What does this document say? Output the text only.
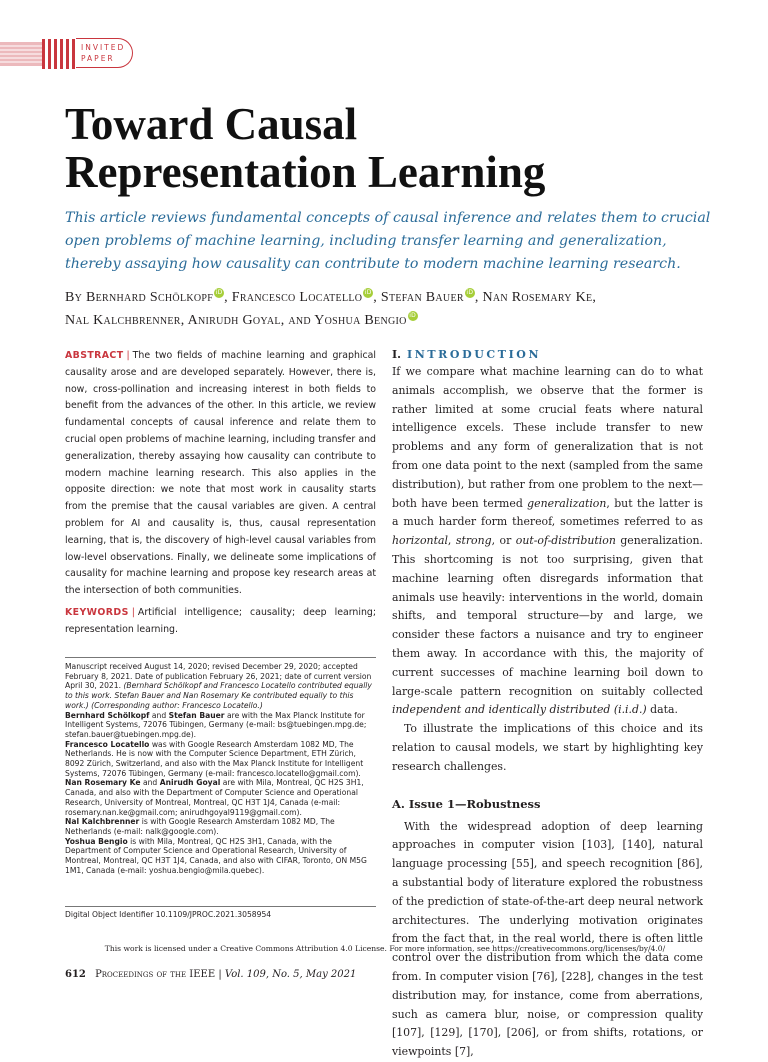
INVITED
PAPER
Toward Causal
Representation Learning

This article reviews fundamental concepts of causal inference and relates them to crucial open problems of machine learning, including transfer learning and generalization, thereby assaying how causality can contribute to modern machine learning research.

By Bernhard Schölkopf iD , Francesco Locatello iD , Stefan Bauer iD , Nan Rosemary Ke,
Nal Kalchbrenner, Anirudh Goyal, and Yoshua Bengio iD

ABSTRACT | The two fields of machine learning and graphical causality arose and are developed separately. However, there is, now, cross-pollination and increasing interest in both fields to benefit from the advances of the other. In this article, we review fundamental concepts of causal inference and relate them to crucial open problems of machine learning, including transfer and generalization, thereby assaying how causality can contribute to modern machine learning research. This also applies in the opposite direction: we note that most work in causality starts from the premise that the causal variables are given. A central problem for AI and causality is, thus, causal representation learning, that is, the discovery of high-level causal variables from low-level observations. Finally, we delineate some implications of causality for machine learning and propose key research areas at the intersection of both communities.

KEYWORDS | Artificial intelligence; causality; deep learning; representation learning.

Manuscript received August 14, 2020; revised December 29, 2020; accepted February 8, 2021. Date of publication February 26, 2021; date of current version April 30, 2021. (Bernhard Schölkopf and Francesco Locatello contributed equally to this work. Stefan Bauer and Nan Rosemary Ke contributed equally to this work.) (Corresponding author: Francesco Locatello.)

Bernhard Schölkopf and Stefan Bauer are with the Max Planck Institute for Intelligent Systems, 72076 Tübingen, Germany (e-mail: bs@tuebingen.mpg.de; stefan.bauer@tuebingen.mpg.de).

Francesco Locatello was with Google Research Amsterdam 1082 MD, The Netherlands. He is now with the Computer Science Department, ETH Zürich, 8092 Zürich, Switzerland, and also with the Max Planck Institute for Intelligent Systems, 72076 Tübingen, Germany (e-mail: francesco.locatello@gmail.com).

Nan Rosemary Ke and Anirudh Goyal are with Mila, Montreal, QC H2S 3H1, Canada, and also with the Department of Computer Science and Operational Research, University of Montreal, Montreal, QC H3T 1J4, Canada (e-mail: rosemary.nan.ke@gmail.com; anirudhgoyal9119@gmail.com).

Nal Kalchbrenner is with Google Research Amsterdam 1082 MD, The Netherlands (e-mail: nalk@google.com).

Yoshua Bengio is with Mila, Montreal, QC H2S 3H1, Canada, with the Department of Computer Science and Operational Research, University of Montreal, Montreal, QC H3T 1J4, Canada, and also with CIFAR, Toronto, ON M5G 1M1, Canada (e-mail: yoshua.bengio@mila.quebec).

Digital Object Identifier 10.1109/JPROC.2021.3058954
I. INTRODUCTION

If we compare what machine learning can do to what animals accomplish, we observe that the former is rather limited at some crucial feats where natural intelligence excels. These include transfer to new problems and any form of generalization that is not from one data point to the next (sampled from the same distribution), but rather from one problem to the next—both have been termed generalization, but the latter is a much harder form thereof, sometimes referred to as horizontal, strong, or out-of-distribution generalization. This shortcoming is not too surprising, given that machine learning often disregards information that animals use heavily: interventions in the world, domain shifts, and temporal structure—by and large, we consider these factors a nuisance and try to engineer them away. In accordance with this, the majority of current successes of machine learning boil down to large-scale pattern recognition on suitably collected independent and identically distributed (i.i.d.) data.

To illustrate the implications of this choice and its relation to causal models, we start by highlighting key research challenges.

A. Issue 1—Robustness

With the widespread adoption of deep learning approaches in computer vision [103], [140], natural language processing [55], and speech recognition [86], a substantial body of literature explored the robustness of the prediction of state-of-the-art deep neural network architectures. The underlying motivation originates from the fact that, in the real world, there is often little control over the distribution from which the data come from. In computer vision [76], [228], changes in the test distribution may, for instance, come from aberrations, such as camera blur, noise, or compression quality [107], [129], [170], [206], or from shifts, rotations, or viewpoints [7],

This work is licensed under a Creative Commons Attribution 4.0 License. For more information, see https://creativecommons.org/licenses/by/4.0/
612 Proceedings of the IEEE | Vol. 109, No. 5, May 2021
